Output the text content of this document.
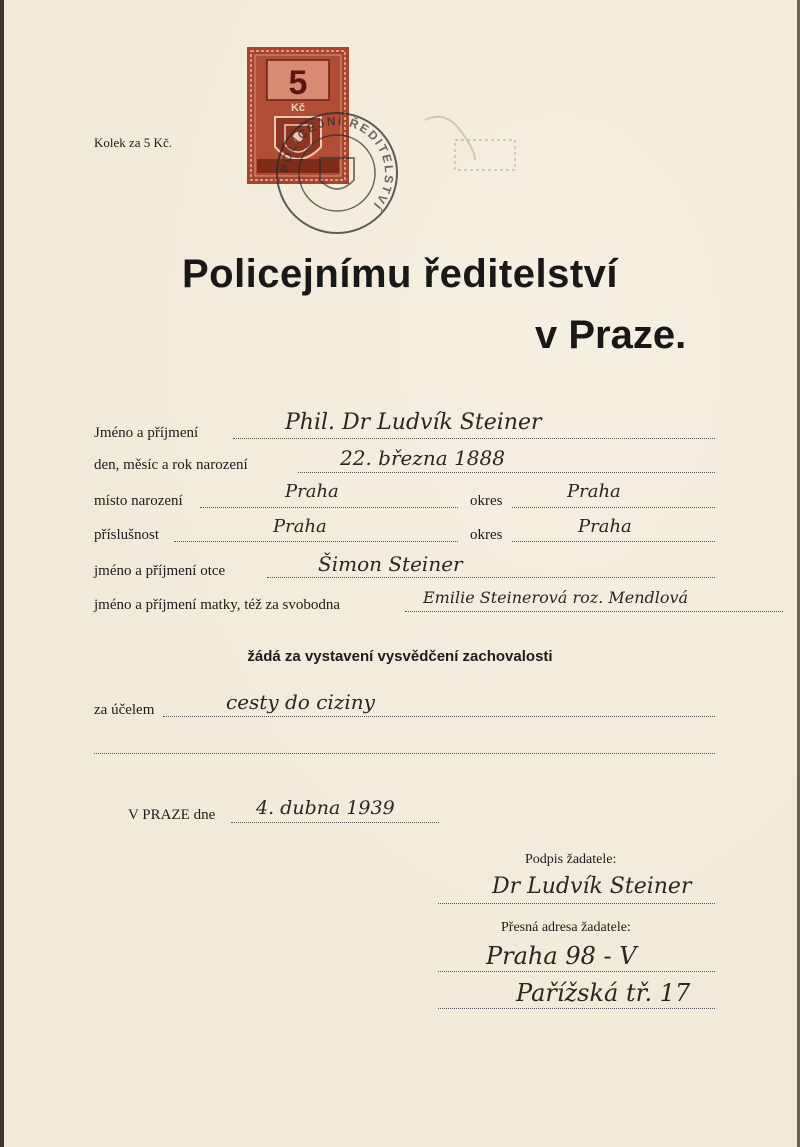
Kolek za 5 Kč.
5
Kč
POLICEJNÍ ŘEDITELSTVÍ
Policejnímu ředitelství
v Praze.
Jméno a příjmení	Phil. Dr Ludvík Steiner
den, měsíc a rok narození	22. března 1888
místo narození	Praha	okres	Praha
příslušnost	Praha	okres	Praha
jméno a příjmení otce	Šimon Steiner
jméno a příjmení matky, též za svobodna	Emilie Steinerová roz. Mendlová
žádá za vystavení vysvědčení zachovalosti
za účelem	cesty do ciziny
V PRAZE dne 4. dubna 1939
Podpis žadatele:
Dr Ludvík Steiner
Přesná adresa žadatele:
Praha 98 - V
Pařížská tř. 17
